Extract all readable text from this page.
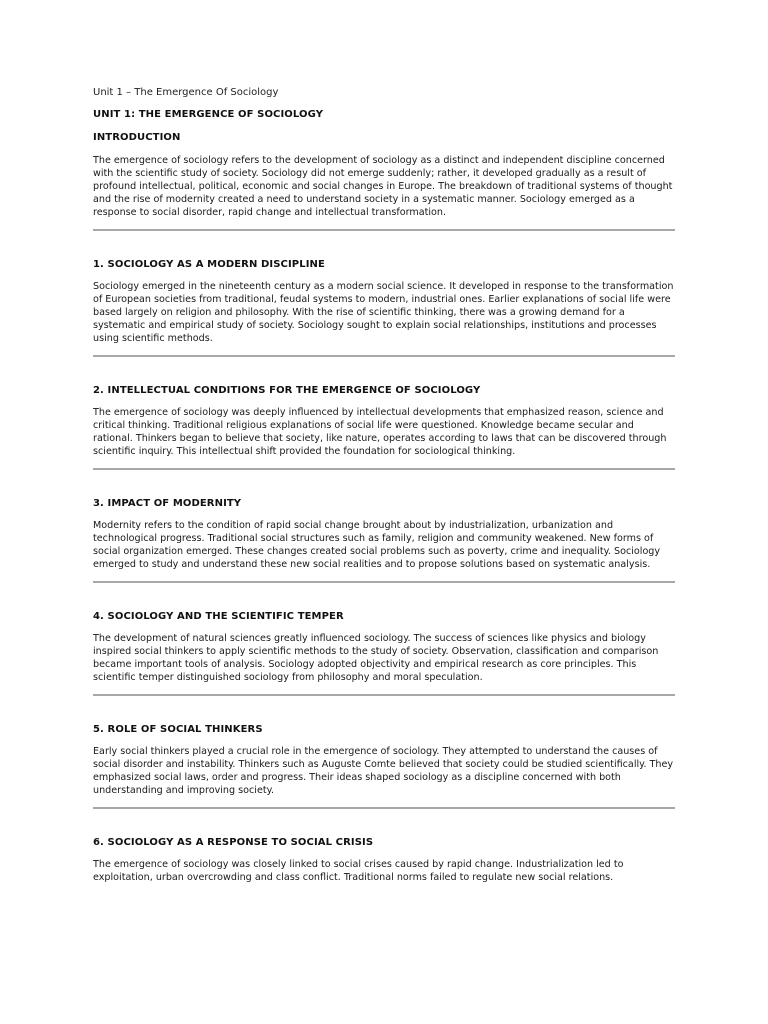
Unit 1 – The Emergence Of Sociology
UNIT 1: THE EMERGENCE OF SOCIOLOGY
INTRODUCTION

The emergence of sociology refers to the development of sociology as a distinct and independent discipline concerned with the scientific study of society. Sociology did not emerge suddenly; rather, it developed gradually as a result of profound intellectual, political, economic and social changes in Europe. The breakdown of traditional systems of thought and the rise of modernity created a need to understand society in a systematic manner. Sociology emerged as a response to social disorder, rapid change and intellectual transformation.

1. SOCIOLOGY AS A MODERN DISCIPLINE

Sociology emerged in the nineteenth century as a modern social science. It developed in response to the transformation of European societies from traditional, feudal systems to modern, industrial ones. Earlier explanations of social life were based largely on religion and philosophy. With the rise of scientific thinking, there was a growing demand for a systematic and empirical study of society. Sociology sought to explain social relationships, institutions and processes using scientific methods.

2. INTELLECTUAL CONDITIONS FOR THE EMERGENCE OF SOCIOLOGY

The emergence of sociology was deeply influenced by intellectual developments that emphasized reason, science and critical thinking. Traditional religious explanations of social life were questioned. Knowledge became secular and rational. Thinkers began to believe that society, like nature, operates according to laws that can be discovered through scientific inquiry. This intellectual shift provided the foundation for sociological thinking.

3. IMPACT OF MODERNITY

Modernity refers to the condition of rapid social change brought about by industrialization, urbanization and technological progress. Traditional social structures such as family, religion and community weakened. New forms of social organization emerged. These changes created social problems such as poverty, crime and inequality. Sociology emerged to study and understand these new social realities and to propose solutions based on systematic analysis.

4. SOCIOLOGY AND THE SCIENTIFIC TEMPER

The development of natural sciences greatly influenced sociology. The success of sciences like physics and biology inspired social thinkers to apply scientific methods to the study of society. Observation, classification and comparison became important tools of analysis. Sociology adopted objectivity and empirical research as core principles. This scientific temper distinguished sociology from philosophy and moral speculation.

5. ROLE OF SOCIAL THINKERS

Early social thinkers played a crucial role in the emergence of sociology. They attempted to understand the causes of social disorder and instability. Thinkers such as Auguste Comte believed that society could be studied scientifically. They emphasized social laws, order and progress. Their ideas shaped sociology as a discipline concerned with both understanding and improving society.

6. SOCIOLOGY AS A RESPONSE TO SOCIAL CRISIS

The emergence of sociology was closely linked to social crises caused by rapid change. Industrialization led to exploitation, urban overcrowding and class conflict. Traditional norms failed to regulate new social relations.
